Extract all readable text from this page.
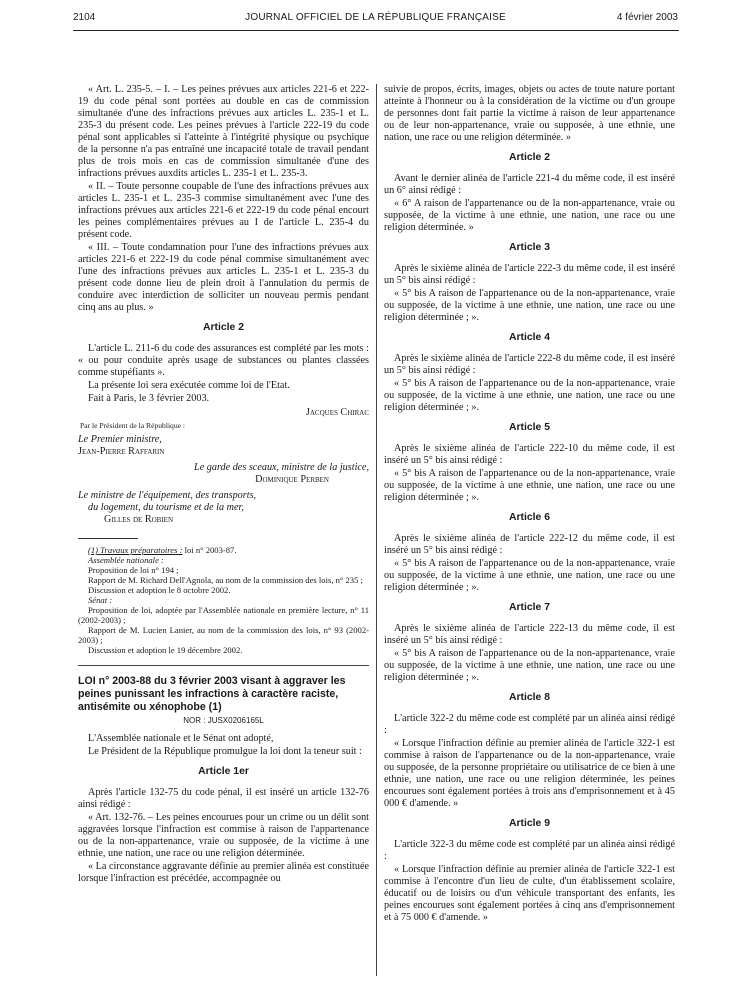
2104	JOURNAL OFFICIEL DE LA RÉPUBLIQUE FRANÇAISE	4 février 2003

« Art. L. 235-5. – I. – Les peines prévues aux articles 221-6 et 222-19 du code pénal sont portées au double en cas de commission simultanée d'une des infractions prévues aux articles L. 235-1 et L. 235-3 du présent code. Les peines prévues à l'article 222-19 du code pénal sont applicables si l'atteinte à l'intégrité physique ou psychique de la personne n'a pas entraîné une incapacité totale de travail pendant plus de trois mois en cas de commission simultanée d'une des infractions prévues auxdits articles L. 235-1 et L. 235-3.

« II. – Toute personne coupable de l'une des infractions prévues aux articles L. 235-1 et L. 235-3 commise simultanément avec l'une des infractions prévues aux articles 221-6 et 222-19 du code pénal encourt les peines complémentaires prévues au I de l'article L. 235-4 du présent code.

« III. – Toute condamnation pour l'une des infractions prévues aux articles 221-6 et 222-19 du code pénal commise simultanément avec l'une des infractions prévues aux articles L. 235-1 et L. 235-3 du présent code donne lieu de plein droit à l'annulation du permis de conduire avec interdiction de solliciter un nouveau permis pendant cinq ans au plus. »

Article 2

L'article L. 211-6 du code des assurances est complété par les mots : « ou pour conduite après usage de substances ou plantes classées comme stupéfiants ».

La présente loi sera exécutée comme loi de l'Etat.

Fait à Paris, le 3 février 2003.

Jacques Chirac
Par le Président de la République :
Le Premier ministre,
Jean-Pierre Raffarin
Le garde des sceaux, ministre de la justice,
Dominique Perben
Le ministre de l'équipement, des transports,
du logement, du tourisme et de la mer,
Gilles de Robien

(1) Travaux préparatoires : loi n° 2003-87.

Assemblée nationale :

Proposition de loi n° 194 ;

Rapport de M. Richard Dell'Agnola, au nom de la commission des lois, n° 235 ;

Discussion et adoption le 8 octobre 2002.

Sénat :

Proposition de loi, adoptée par l'Assemblée nationale en première lecture, n° 11 (2002-2003) ;

Rapport de M. Lucien Lanier, au nom de la commission des lois, n° 93 (2002-2003) ;

Discussion et adoption le 19 décembre 2002.

LOI n° 2003-88 du 3 février 2003 visant à aggraver les peines punissant les infractions à caractère raciste, antisémite ou xénophobe (1)
NOR : JUSX0206165L

L'Assemblée nationale et le Sénat ont adopté,

Le Président de la République promulgue la loi dont la teneur suit :

Article 1er

Après l'article 132-75 du code pénal, il est inséré un article 132-76 ainsi rédigé :

« Art. 132-76. – Les peines encourues pour un crime ou un délit sont aggravées lorsque l'infraction est commise à raison de l'appartenance ou de la non-appartenance, vraie ou supposée, de la victime à une ethnie, une nation, une race ou une religion déterminée.

« La circonstance aggravante définie au premier alinéa est constituée lorsque l'infraction est précédée, accompagnée ou

suivie de propos, écrits, images, objets ou actes de toute nature portant atteinte à l'honneur ou à la considération de la victime ou d'un groupe de personnes dont fait partie la victime à raison de leur appartenance ou de leur non-appartenance, vraie ou supposée, à une ethnie, une nation, une race ou une religion déterminée. »

Article 2

Avant le dernier alinéa de l'article 221-4 du même code, il est inséré un 6° ainsi rédigé :

« 6° A raison de l'appartenance ou de la non-appartenance, vraie ou supposée, de la victime à une ethnie, une nation, une race ou une religion déterminée. »

Article 3

Après le sixième alinéa de l'article 222-3 du même code, il est inséré un 5° bis ainsi rédigé :

« 5° bis A raison de l'appartenance ou de la non-appartenance, vraie ou supposée, de la victime à une ethnie, une nation, une race ou une religion déterminée ; ».

Article 4

Après le sixième alinéa de l'article 222-8 du même code, il est inséré un 5° bis ainsi rédigé :

« 5° bis A raison de l'appartenance ou de la non-appartenance, vraie ou supposée, de la victime à une ethnie, une nation, une race ou une religion déterminée ; ».

Article 5

Après le sixième alinéa de l'article 222-10 du même code, il est inséré un 5° bis ainsi rédigé :

« 5° bis A raison de l'appartenance ou de la non-appartenance, vraie ou supposée, de la victime à une ethnie, une nation, une race ou une religion déterminée ; ».

Article 6

Après le sixième alinéa de l'article 222-12 du même code, il est inséré un 5° bis ainsi rédigé :

« 5° bis A raison de l'appartenance ou de la non-appartenance, vraie ou supposée, de la victime à une ethnie, une nation, une race ou une religion déterminée ; ».

Article 7

Après le sixième alinéa de l'article 222-13 du même code, il est inséré un 5° bis ainsi rédigé :

« 5° bis A raison de l'appartenance ou de la non-appartenance, vraie ou supposée, de la victime à une ethnie, une nation, une race ou une religion déterminée ; ».

Article 8

L'article 322-2 du même code est complété par un alinéa ainsi rédigé :

« Lorsque l'infraction définie au premier alinéa de l'article 322-1 est commise à raison de l'appartenance ou de la non-appartenance, vraie ou supposée, de la personne propriétaire ou utilisatrice de ce bien à une ethnie, une nation, une race ou une religion déterminée, les peines encourues sont également portées à trois ans d'emprisonnement et à 45 000 € d'amende. »

Article 9

L'article 322-3 du même code est complété par un alinéa ainsi rédigé :

« Lorsque l'infraction définie au premier alinéa de l'article 322-1 est commise à l'encontre d'un lieu de culte, d'un établissement scolaire, éducatif ou de loisirs ou d'un véhicule transportant des enfants, les peines encourues sont également portées à cinq ans d'emprisonnement et à 75 000 € d'amende. »
